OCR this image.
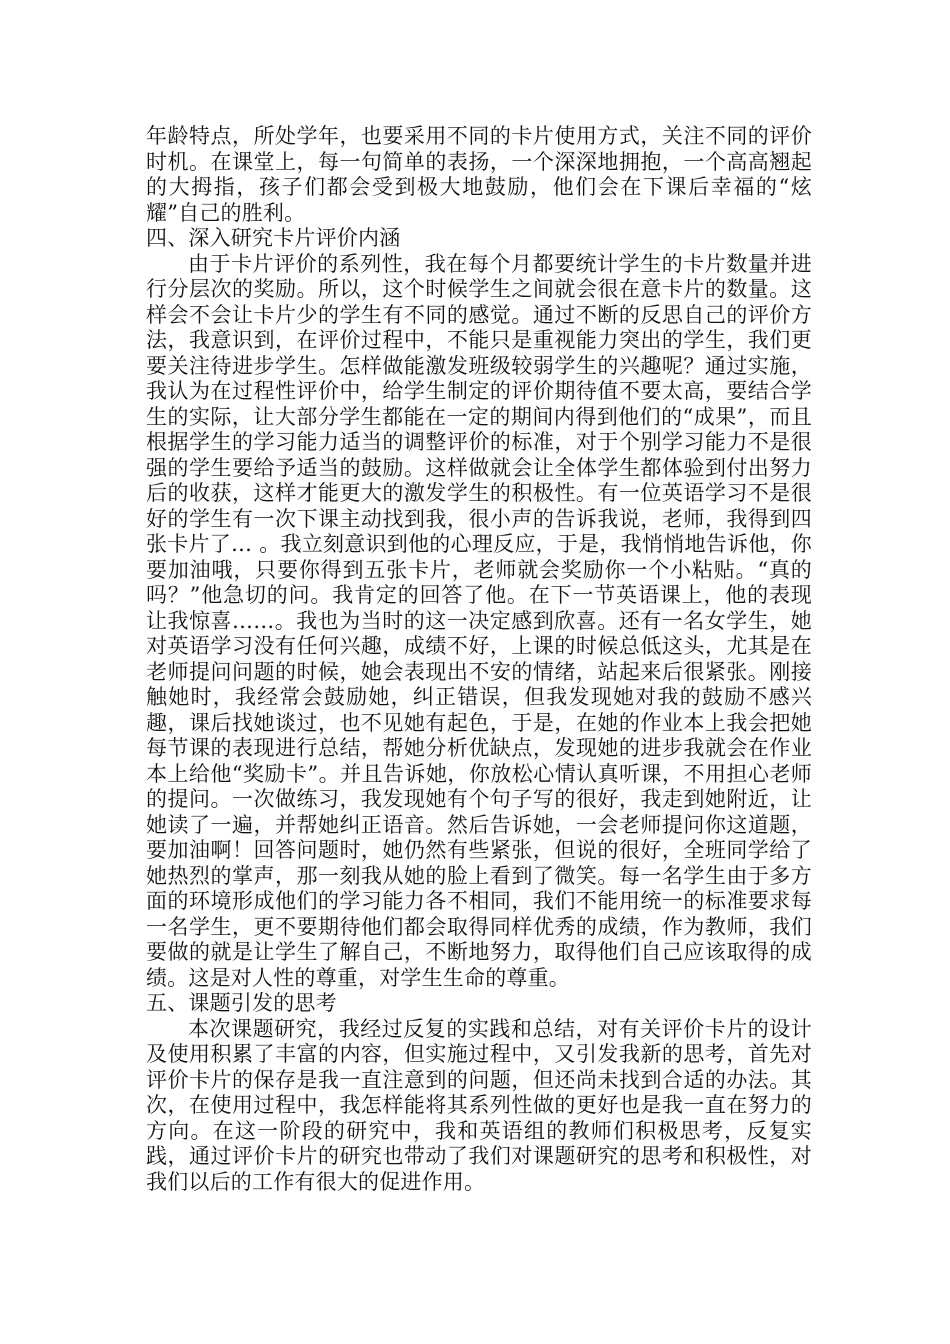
年龄特点，所处学年，也要采用不同的卡片使用方式，关注不同的评价时机。在课堂上，每一句简单的表扬，一个深深地拥抱，一个高高翘起的大拇指，孩子们都会受到极大地鼓励，他们会在下课后幸福的“炫耀”自己的胜利。

四、深入研究卡片评价内涵

由于卡片评价的系列性，我在每个月都要统计学生的卡片数量并进行分层次的奖励。所以，这个时候学生之间就会很在意卡片的数量。这样会不会让卡片少的学生有不同的感觉。通过不断的反思自己的评价方法，我意识到，在评价过程中，不能只是重视能力突出的学生，我们更要关注待进步学生。怎样做能激发班级较弱学生的兴趣呢？通过实施，我认为在过程性评价中，给学生制定的评价期待值不要太高，要结合学生的实际，让大部分学生都能在一定的期间内得到他们的“成果”，而且根据学生的学习能力适当的调整评价的标准，对于个别学习能力不是很强的学生要给予适当的鼓励。这样做就会让全体学生都体验到付出努力后的收获，这样才能更大的激发学生的积极性。有一位英语学习不是很好的学生有一次下课主动找到我，很小声的告诉我说，老师，我得到四张卡片了… 。我立刻意识到他的心理反应，于是，我悄悄地告诉他，你要加油哦，只要你得到五张卡片，老师就会奖励你一个小粘贴。“真的吗？”他急切的问。我肯定的回答了他。在下一节英语课上，他的表现让我惊喜……。我也为当时的这一决定感到欣喜。还有一名女学生，她对英语学习没有任何兴趣，成绩不好，上课的时候总低这头，尤其是在老师提问问题的时候，她会表现出不安的情绪，站起来后很紧张。刚接触她时，我经常会鼓励她，纠正错误，但我发现她对我的鼓励不感兴趣，课后找她谈过，也不见她有起色，于是，在她的作业本上我会把她每节课的表现进行总结，帮她分析优缺点，发现她的进步我就会在作业本上给他“奖励卡”。并且告诉她，你放松心情认真听课，不用担心老师的提问。一次做练习，我发现她有个句子写的很好，我走到她附近，让她读了一遍，并帮她纠正语音。然后告诉她，一会老师提问你这道题，要加油啊！回答问题时，她仍然有些紧张，但说的很好，全班同学给了她热烈的掌声，那一刻我从她的脸上看到了微笑。每一名学生由于多方面的环境形成他们的学习能力各不相同，我们不能用统一的标准要求每一名学生，更不要期待他们都会取得同样优秀的成绩，作为教师，我们要做的就是让学生了解自己，不断地努力，取得他们自己应该取得的成绩。这是对人性的尊重，对学生生命的尊重。

五、课题引发的思考

本次课题研究，我经过反复的实践和总结，对有关评价卡片的设计及使用积累了丰富的内容，但实施过程中，又引发我新的思考，首先对评价卡片的保存是我一直注意到的问题，但还尚未找到合适的办法。其次，在使用过程中，我怎样能将其系列性做的更好也是我一直在努力的方向。在这一阶段的研究中，我和英语组的教师们积极思考，反复实践，通过评价卡片的研究也带动了我们对课题研究的思考和积极性，对我们以后的工作有很大的促进作用。
